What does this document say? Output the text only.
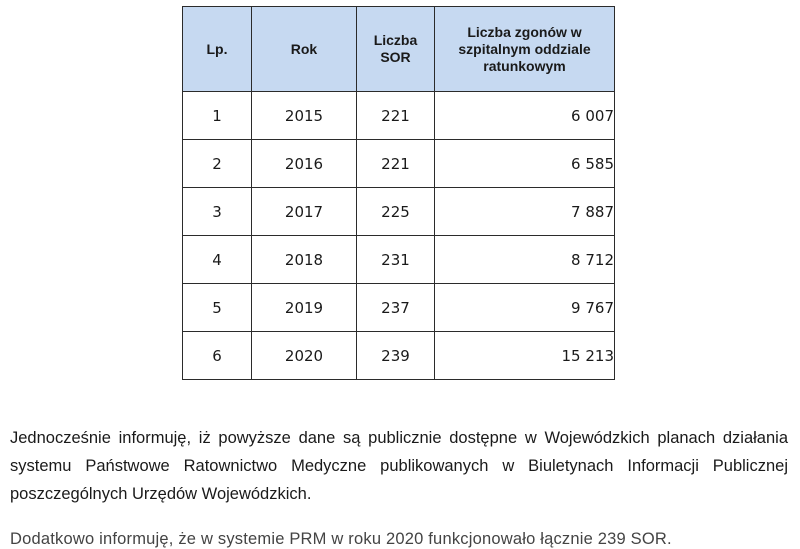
Lp.	Rok	Liczba SOR	Liczba zgonów w szpitalnym oddziale ratunkowym
1	2015	221	6 007
2	2016	221	6 585
3	2017	225	7 887
4	2018	231	8 712
5	2019	237	9 767
6	2020	239	15 213

Jednocześnie informuję, iż powyższe dane są publicznie dostępne w Wojewódzkich planach działania systemu Państwowe Ratownictwo Medyczne publikowanych w Biuletynach Informacji Publicznej poszczególnych Urzędów Wojewódzkich.

Dodatkowo informuję, że w systemie PRM w roku 2020 funkcjonowało łącznie 239 SOR.
